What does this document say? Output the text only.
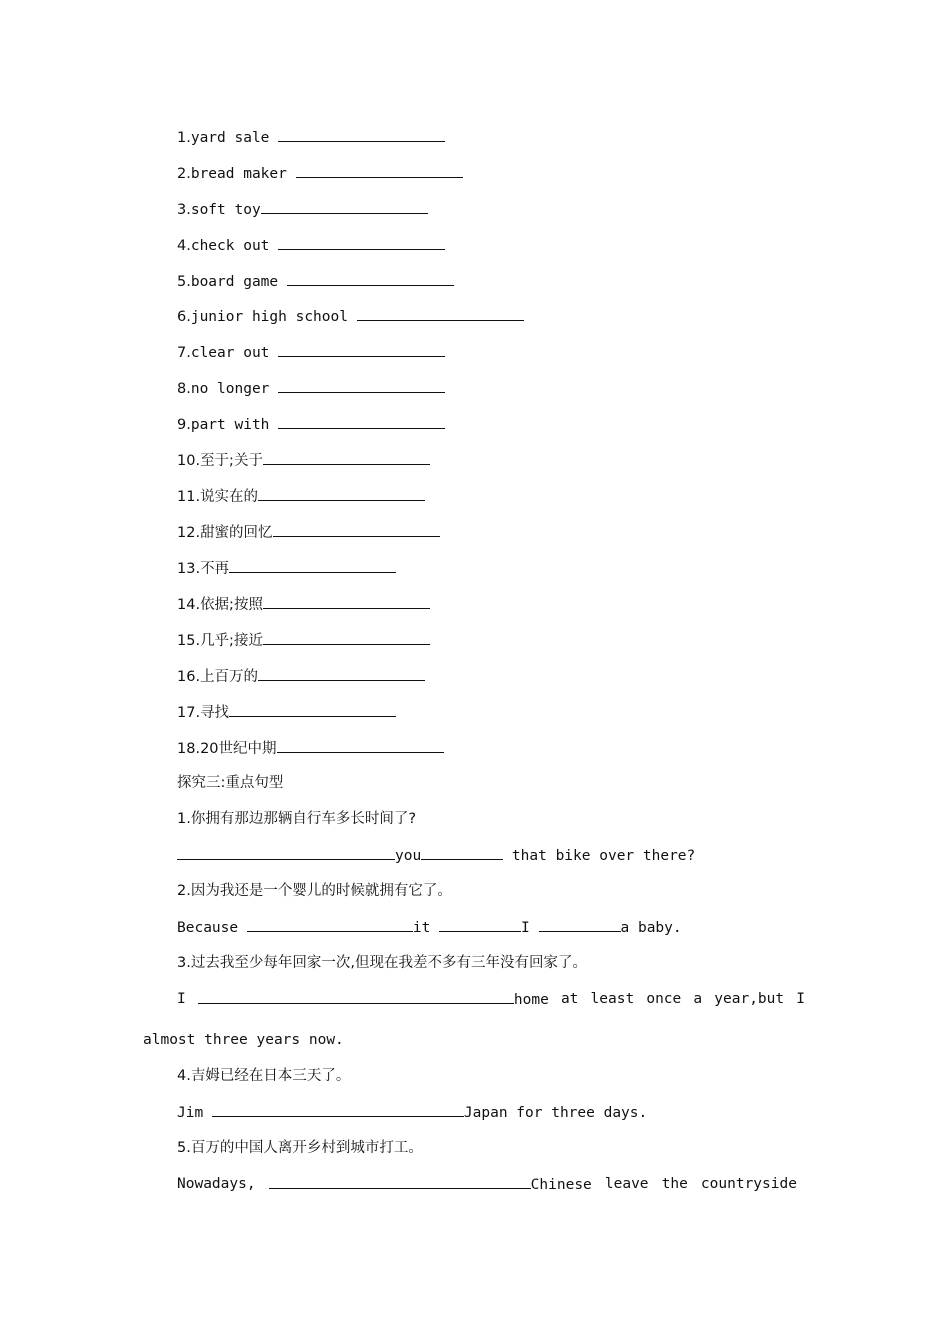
1.yard sale
2.bread maker
3.soft toy
4.check out
5.board game
6.junior high school
7.clear out
8.no longer
9.part with
10.至于;关于
11.说实在的
12.甜蜜的回忆
13.不再
14.依据;按照
15.几乎;接近
16.上百万的
17.寻找
18.20世纪中期
探究三:重点句型
1.你拥有那边那辆自行车多长时间了?
you	that bike over there?
2.因为我还是一个婴儿的时候就拥有它了。
Because	it	I	a baby.
3.过去我至少每年回家一次,但现在我差不多有三年没有回家了。
I	home at least once a year,but I
almost three years now.
4.吉姆已经在日本三天了。
Jim	Japan for three days.
5.百万的中国人离开乡村到城市打工。
Nowadays,	Chinese leave the countryside
